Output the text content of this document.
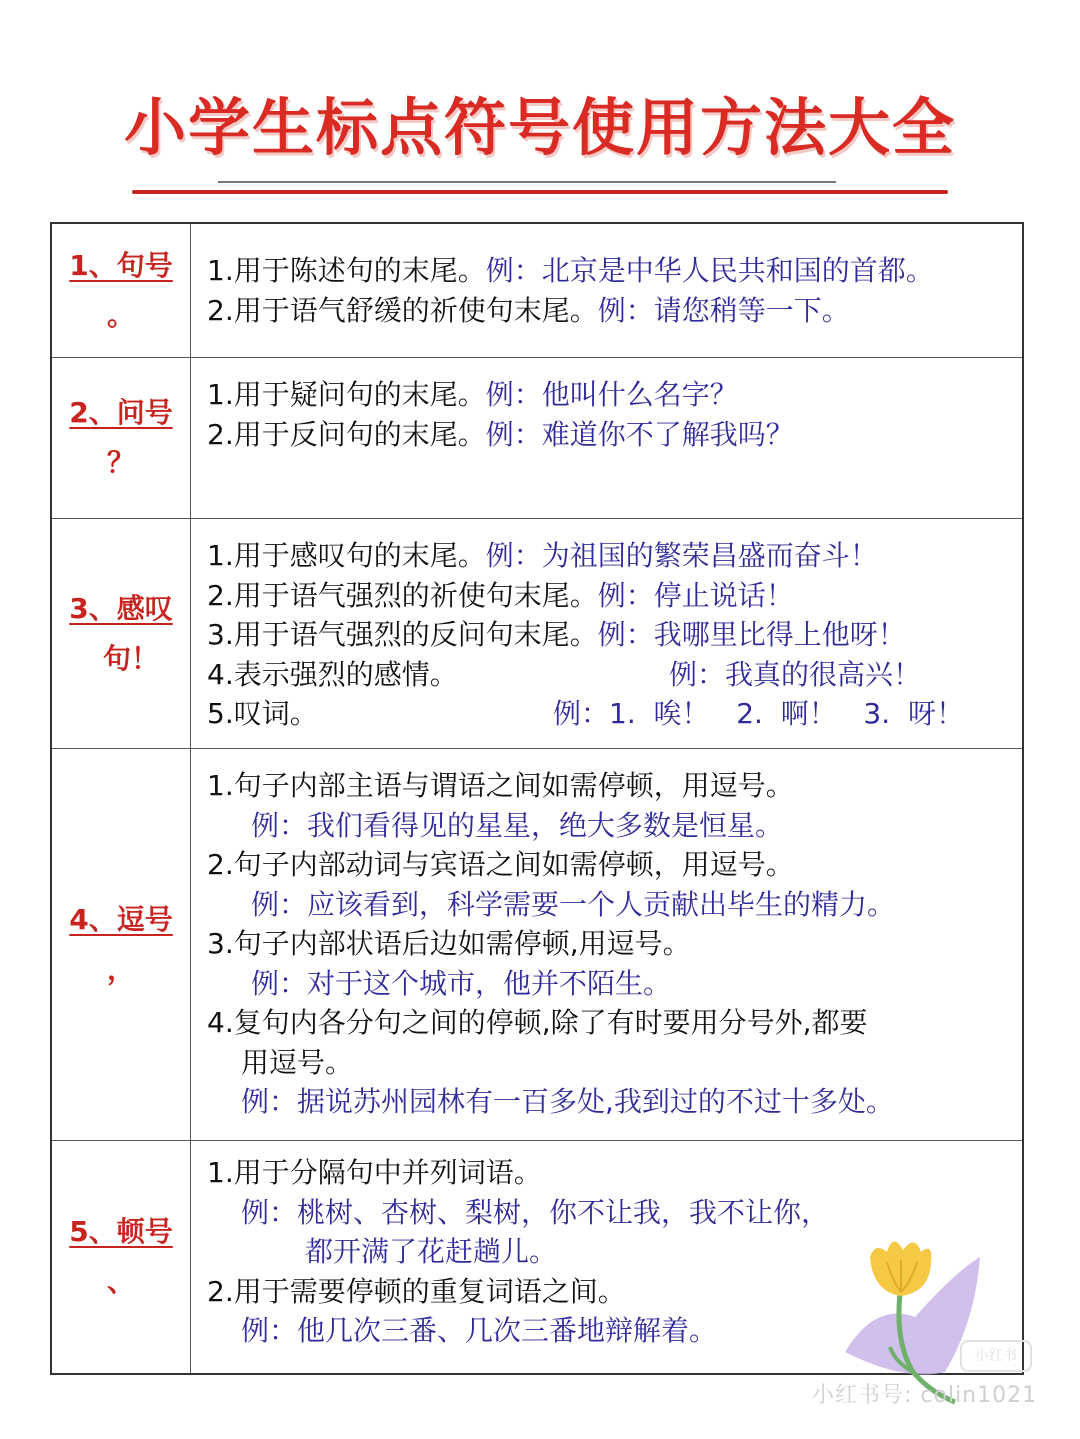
小学生标点符号使用方法大全
1、句号
。
1.用于陈述句的末尾。例：北京是中华人民共和国的首都。
2.用于语气舒缓的祈使句末尾。例：请您稍等一下。
2、问号
？
1.用于疑问句的末尾。例：他叫什么名字？
2.用于反问句的末尾。例：难道你不了解我吗？
3、感叹
句！
1.用于感叹句的末尾。例：为祖国的繁荣昌盛而奋斗！
2.用于语气强烈的祈使句末尾。例：停止说话！
3.用于语气强烈的反问句末尾。例：我哪里比得上他呀！
4.表示强烈的感情。	例：我真的很高兴！
5.叹词。	例：1.  唉！   2.  啊！   3.  呀！
4、逗号
，
1.句子内部主语与谓语之间如需停顿，用逗号。
例：我们看得见的星星，绝大多数是恒星。
2.句子内部动词与宾语之间如需停顿，用逗号。
例：应该看到，科学需要一个人贡献出毕生的精力。
3.句子内部状语后边如需停顿,用逗号。
例：对于这个城市，他并不陌生。
4.复句内各分句之间的停顿,除了有时要用分号外,都要
用逗号。
例：据说苏州园林有一百多处,我到过的不过十多处。
5、顿号
、
1.用于分隔句中并列词语。
例：桃树、杏树、梨树，你不让我，我不让你，
都开满了花赶趟儿。
2.用于需要停顿的重复词语之间。
例：他几次三番、几次三番地辩解着。
小红书
小红书号: colin1021
